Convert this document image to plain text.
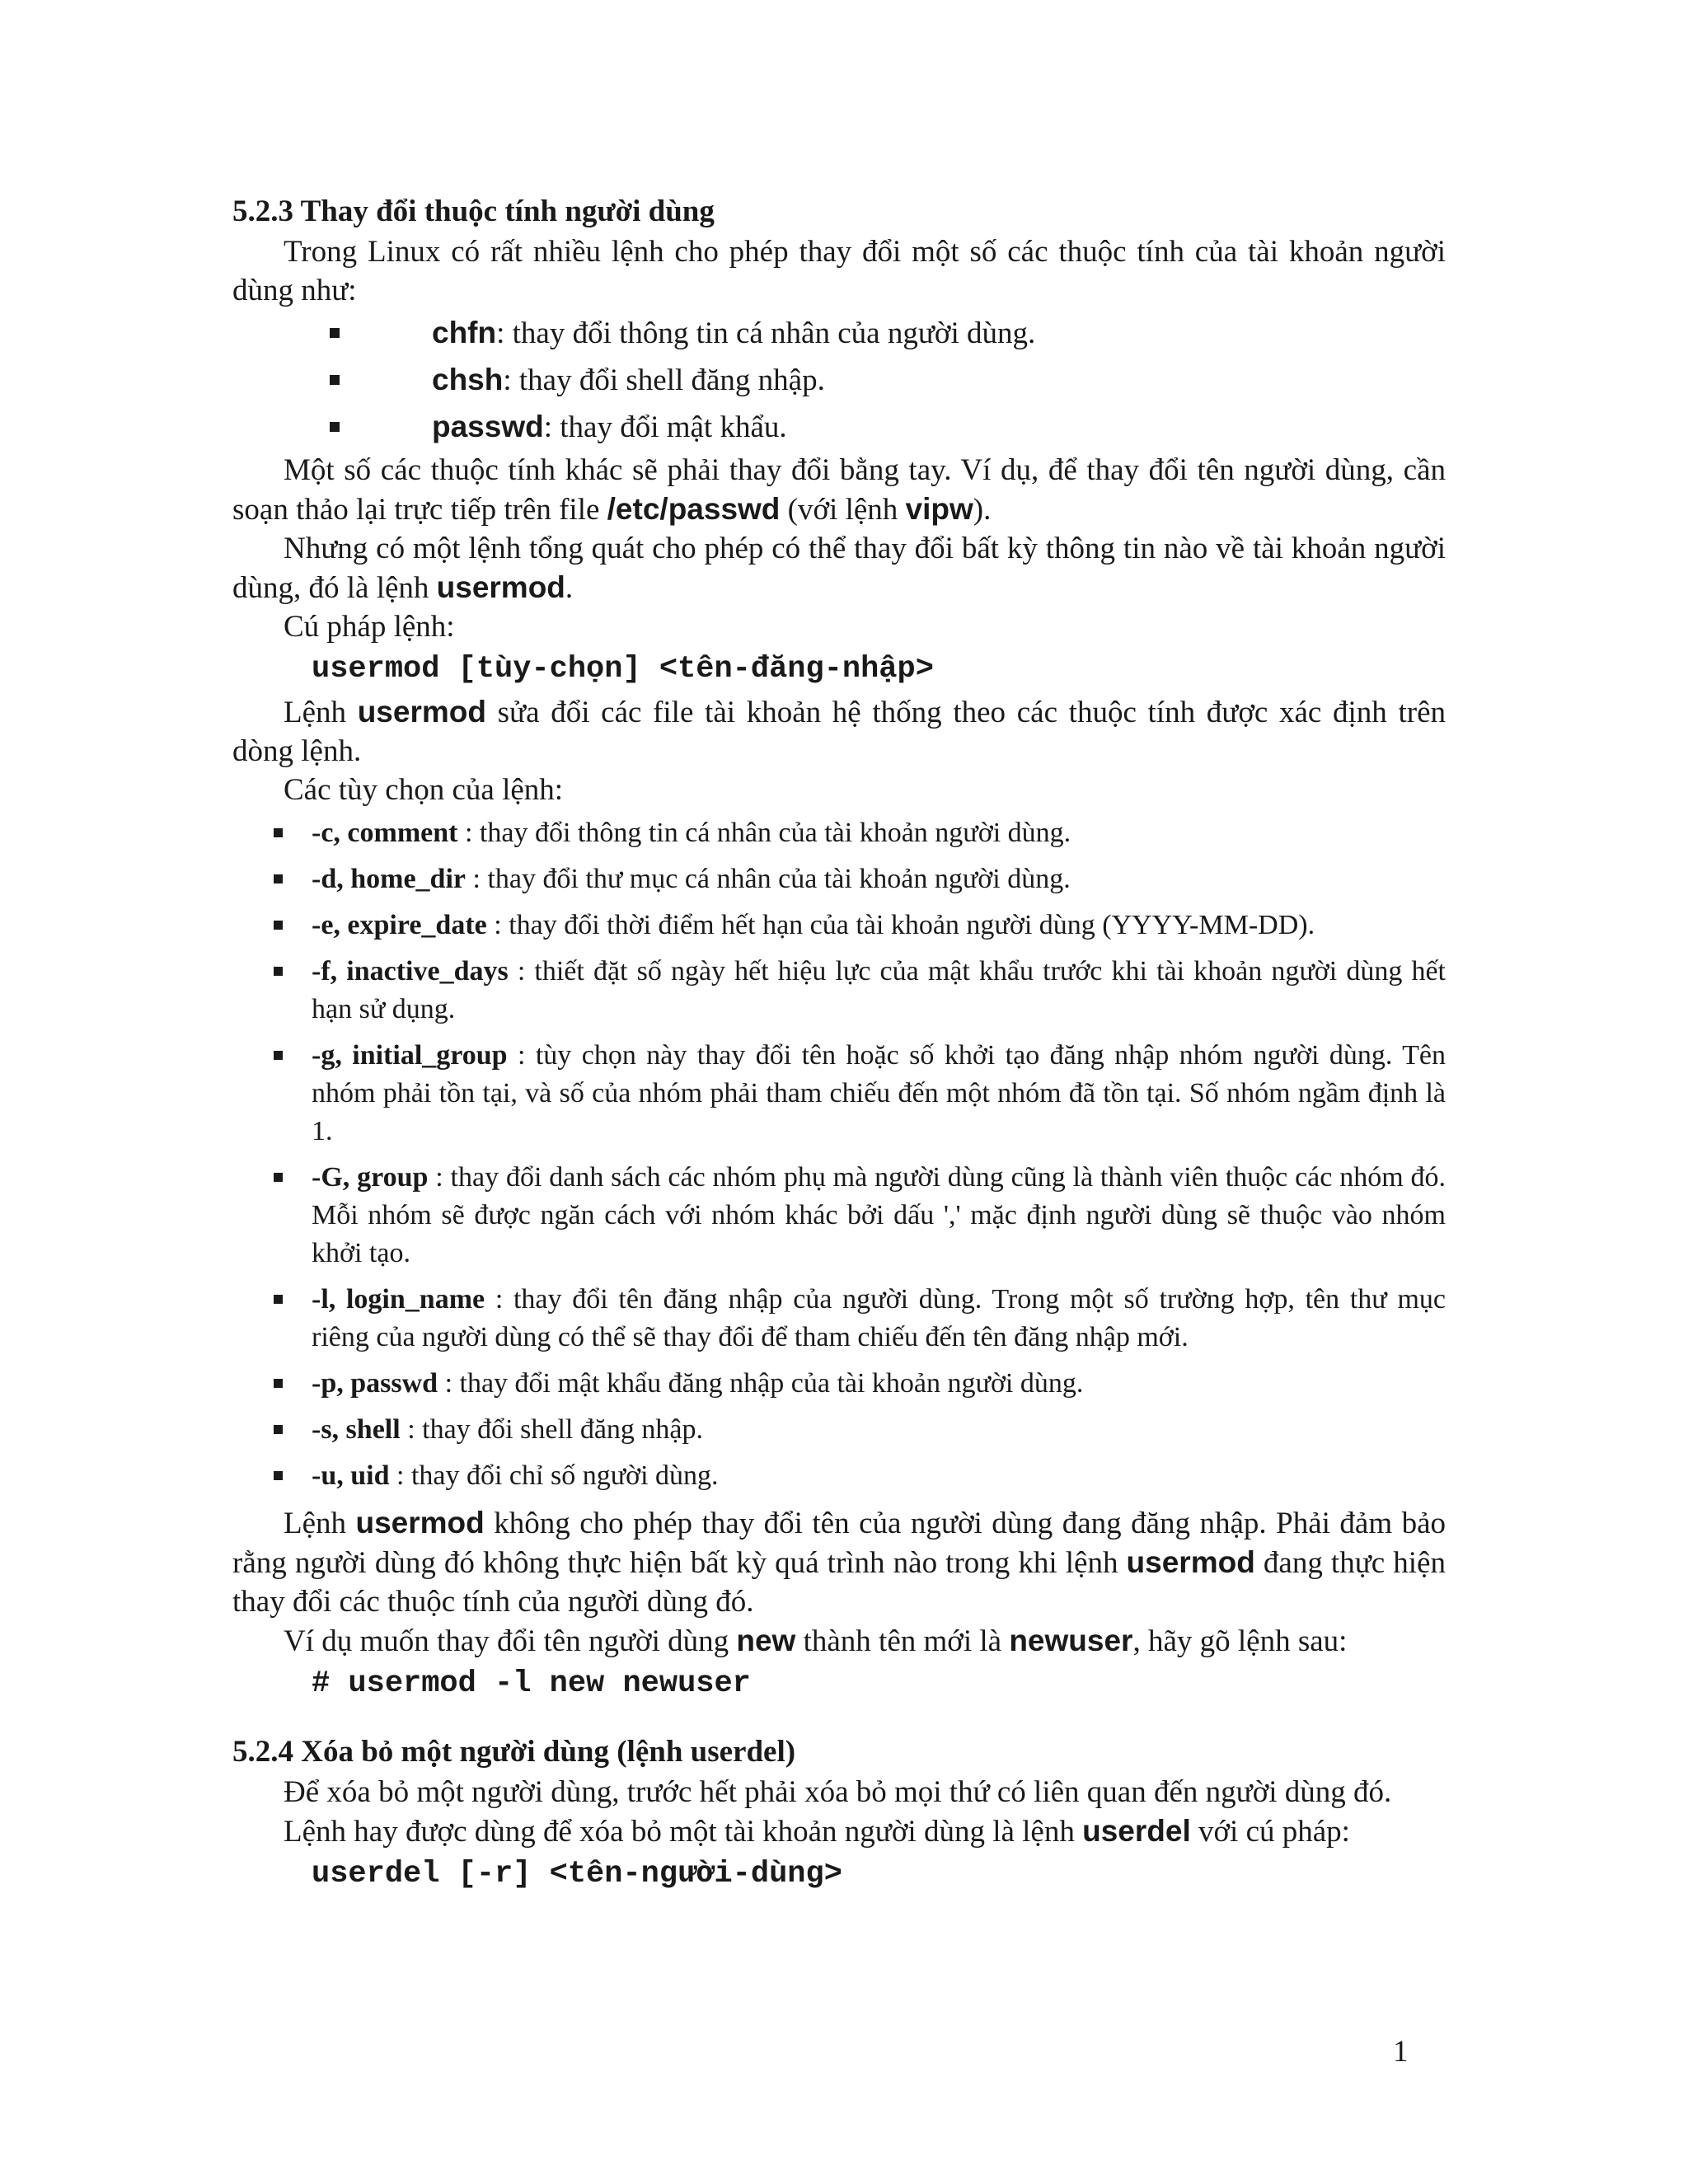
5.2.3 Thay đổi thuộc tính người dùng

Trong Linux có rất nhiều lệnh cho phép thay đổi một số các thuộc tính của tài khoản người dùng như:

chfn: thay đổi thông tin cá nhân của người dùng.
chsh: thay đổi shell đăng nhập.
passwd: thay đổi mật khẩu.

Một số các thuộc tính khác sẽ phải thay đổi bằng tay. Ví dụ, để thay đổi tên người dùng, cần soạn thảo lại trực tiếp trên file /etc/passwd (với lệnh vipw).

Nhưng có một lệnh tổng quát cho phép có thể thay đổi bất kỳ thông tin nào về tài khoản người dùng, đó là lệnh usermod.

Cú pháp lệnh:

usermod [tùy-chọn] <tên-đăng-nhập>

Lệnh usermod sửa đổi các file tài khoản hệ thống theo các thuộc tính được xác định trên dòng lệnh.

Các tùy chọn của lệnh:

-c, comment : thay đổi thông tin cá nhân của tài khoản người dùng.
-d, home_dir : thay đổi thư mục cá nhân của tài khoản người dùng.
-e, expire_date : thay đổi thời điểm hết hạn của tài khoản người dùng (YYYY-MM-DD).
-f, inactive_days : thiết đặt số ngày hết hiệu lực của mật khẩu trước khi tài khoản người dùng hết hạn sử dụng.
-g, initial_group : tùy chọn này thay đổi tên hoặc số khởi tạo đăng nhập nhóm người dùng. Tên nhóm phải tồn tại, và số của nhóm phải tham chiếu đến một nhóm đã tồn tại. Số nhóm ngầm định là 1.
-G, group : thay đổi danh sách các nhóm phụ mà người dùng cũng là thành viên thuộc các nhóm đó. Mỗi nhóm sẽ được ngăn cách với nhóm khác bởi dấu ',' mặc định người dùng sẽ thuộc vào nhóm khởi tạo.
-l, login_name : thay đổi tên đăng nhập của người dùng. Trong một số trường hợp, tên thư mục riêng của người dùng có thể sẽ thay đổi để tham chiếu đến tên đăng nhập mới.
-p, passwd : thay đổi mật khẩu đăng nhập của tài khoản người dùng.
-s, shell : thay đổi shell đăng nhập.
-u, uid : thay đổi chỉ số người dùng.

Lệnh usermod không cho phép thay đổi tên của người dùng đang đăng nhập. Phải đảm bảo rằng người dùng đó không thực hiện bất kỳ quá trình nào trong khi lệnh usermod đang thực hiện thay đổi các thuộc tính của người dùng đó.

Ví dụ muốn thay đổi tên người dùng new thành tên mới là newuser, hãy gõ lệnh sau:

# usermod -l new newuser

5.2.4 Xóa bỏ một người dùng (lệnh userdel)

Để xóa bỏ một người dùng, trước hết phải xóa bỏ mọi thứ có liên quan đến người dùng đó.

Lệnh hay được dùng để xóa bỏ một tài khoản người dùng là lệnh userdel với cú pháp:

userdel [-r] <tên-người-dùng>

1
